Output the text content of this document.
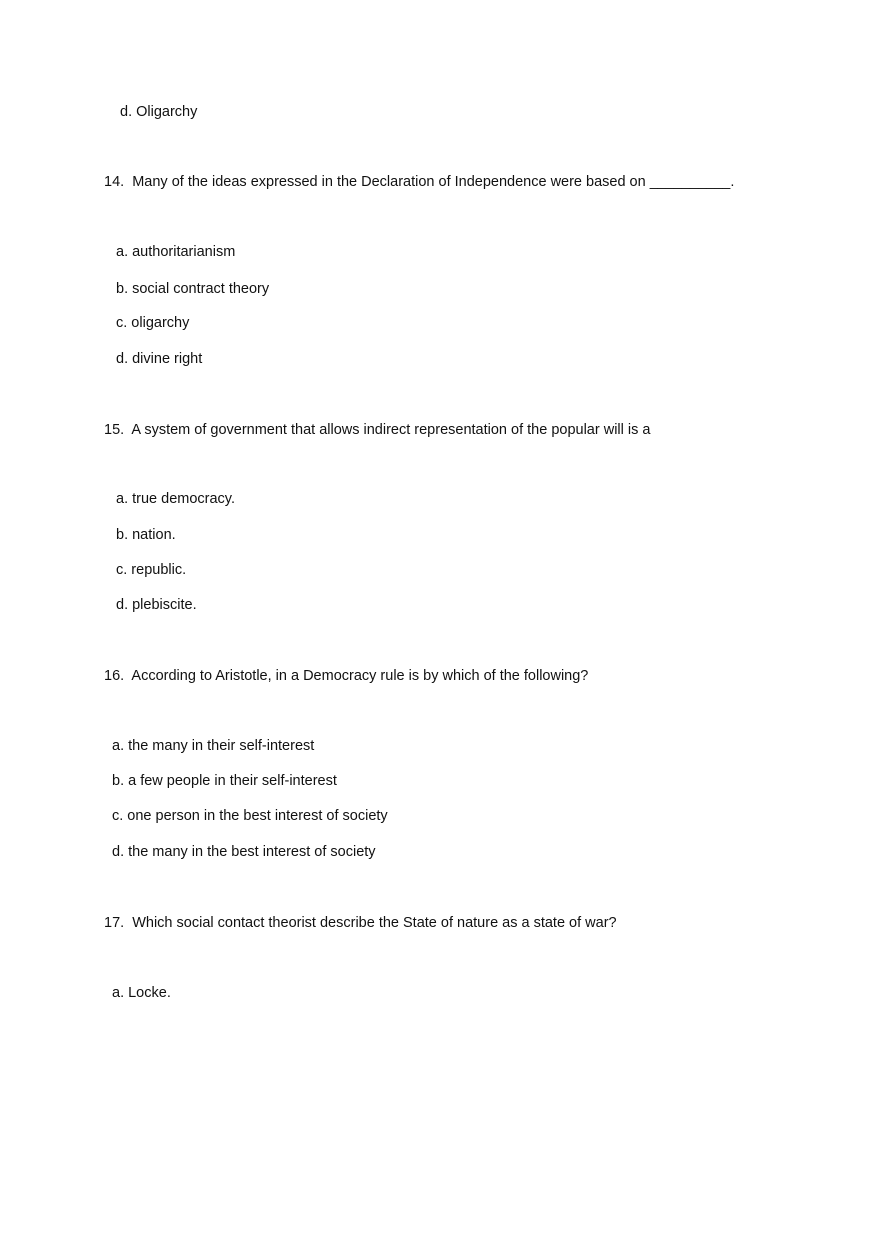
d. Oligarchy
14.  Many of the ideas expressed in the Declaration of Independence were based on __________.
a. authoritarianism
b. social contract theory
c. oligarchy
d. divine right
15.  A system of government that allows indirect representation of the popular will is a
a. true democracy.
b. nation.
c. republic.
d. plebiscite.
16.  According to Aristotle, in a Democracy rule is by which of the following?
a. the many in their self-interest
b. a few people in their self-interest
c. one person in the best interest of society
d. the many in the best interest of society
17.  Which social contact theorist describe the State of nature as a state of war?
a. Locke.
